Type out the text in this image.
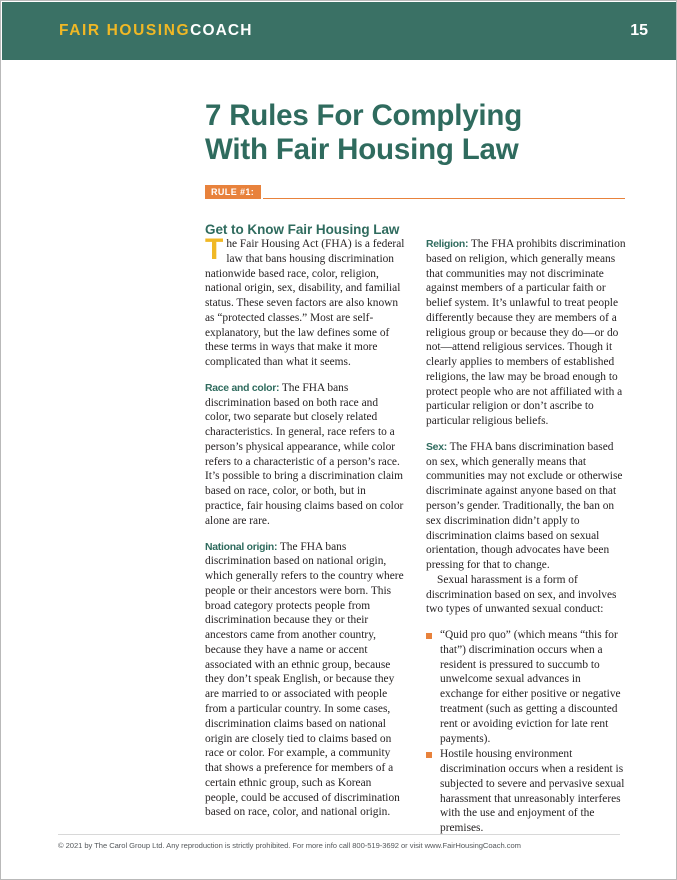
FAIR HOUSINGCOACH	15
7 Rules For Complying
With Fair Housing Law
RULE #1:
Get to Know Fair Housing Law

The Fair Housing Act (FHA) is a federal law that bans housing discrimination nationwide based race, color, religion, national origin, sex, disability, and familial status. These seven factors are also known as “protected classes.” Most are self-explanatory, but the law defines some of these terms in ways that make it more complicated than what it seems.

Race and color: The FHA bans discrimination based on both race and color, two separate but closely related characteristics. In general, race refers to a person’s physical appearance, while color refers to a characteristic of a person’s race. It’s possible to bring a discrimination claim based on race, color, or both, but in practice, fair housing claims based on color alone are rare.

National origin: The FHA bans discrimination based on national origin, which generally refers to the country where people or their ancestors were born. This broad category protects people from discrimination because they or their ancestors came from another country, because they have a name or accent associated with an ethnic group, because they don’t speak English, or because they are married to or associated with people from a particular country. In some cases, discrimination claims based on national origin are closely tied to claims based on race or color. For example, a community that shows a preference for members of a certain ethnic group, such as Korean people, could be accused of discrimination based on race, color, and national origin.

Religion: The FHA prohibits discrimination based on religion, which generally means that communities may not discriminate against members of a particular faith or belief system. It’s unlawful to treat people differently because they are members of a religious group or because they do—or do not—attend religious services. Though it clearly applies to members of established religions, the law may be broad enough to protect people who are not affiliated with a particular religion or don’t ascribe to particular religious beliefs.

Sex: The FHA bans discrimination based on sex, which generally means that communities may not exclude or otherwise discriminate against anyone based on that person’s gender. Traditionally, the ban on sex discrimination didn’t apply to discrimination claims based on sexual orientation, though advocates have been pressing for that to change.

Sexual harassment is a form of discrimination based on sex, and involves two types of unwanted sexual conduct:

“Quid pro quo” (which means “this for that”) discrimination occurs when a resident is pressured to succumb to unwelcome sexual advances in exchange for either positive or negative treatment (such as getting a discounted rent or avoiding eviction for late rent payments).
Hostile housing environment discrimination occurs when a resident is subjected to severe and pervasive sexual harassment that unreasonably interferes with the use and enjoyment of the premises.
© 2021 by The Carol Group Ltd. Any reproduction is strictly prohibited. For more info call 800-519-3692 or visit www.FairHousingCoach.com
